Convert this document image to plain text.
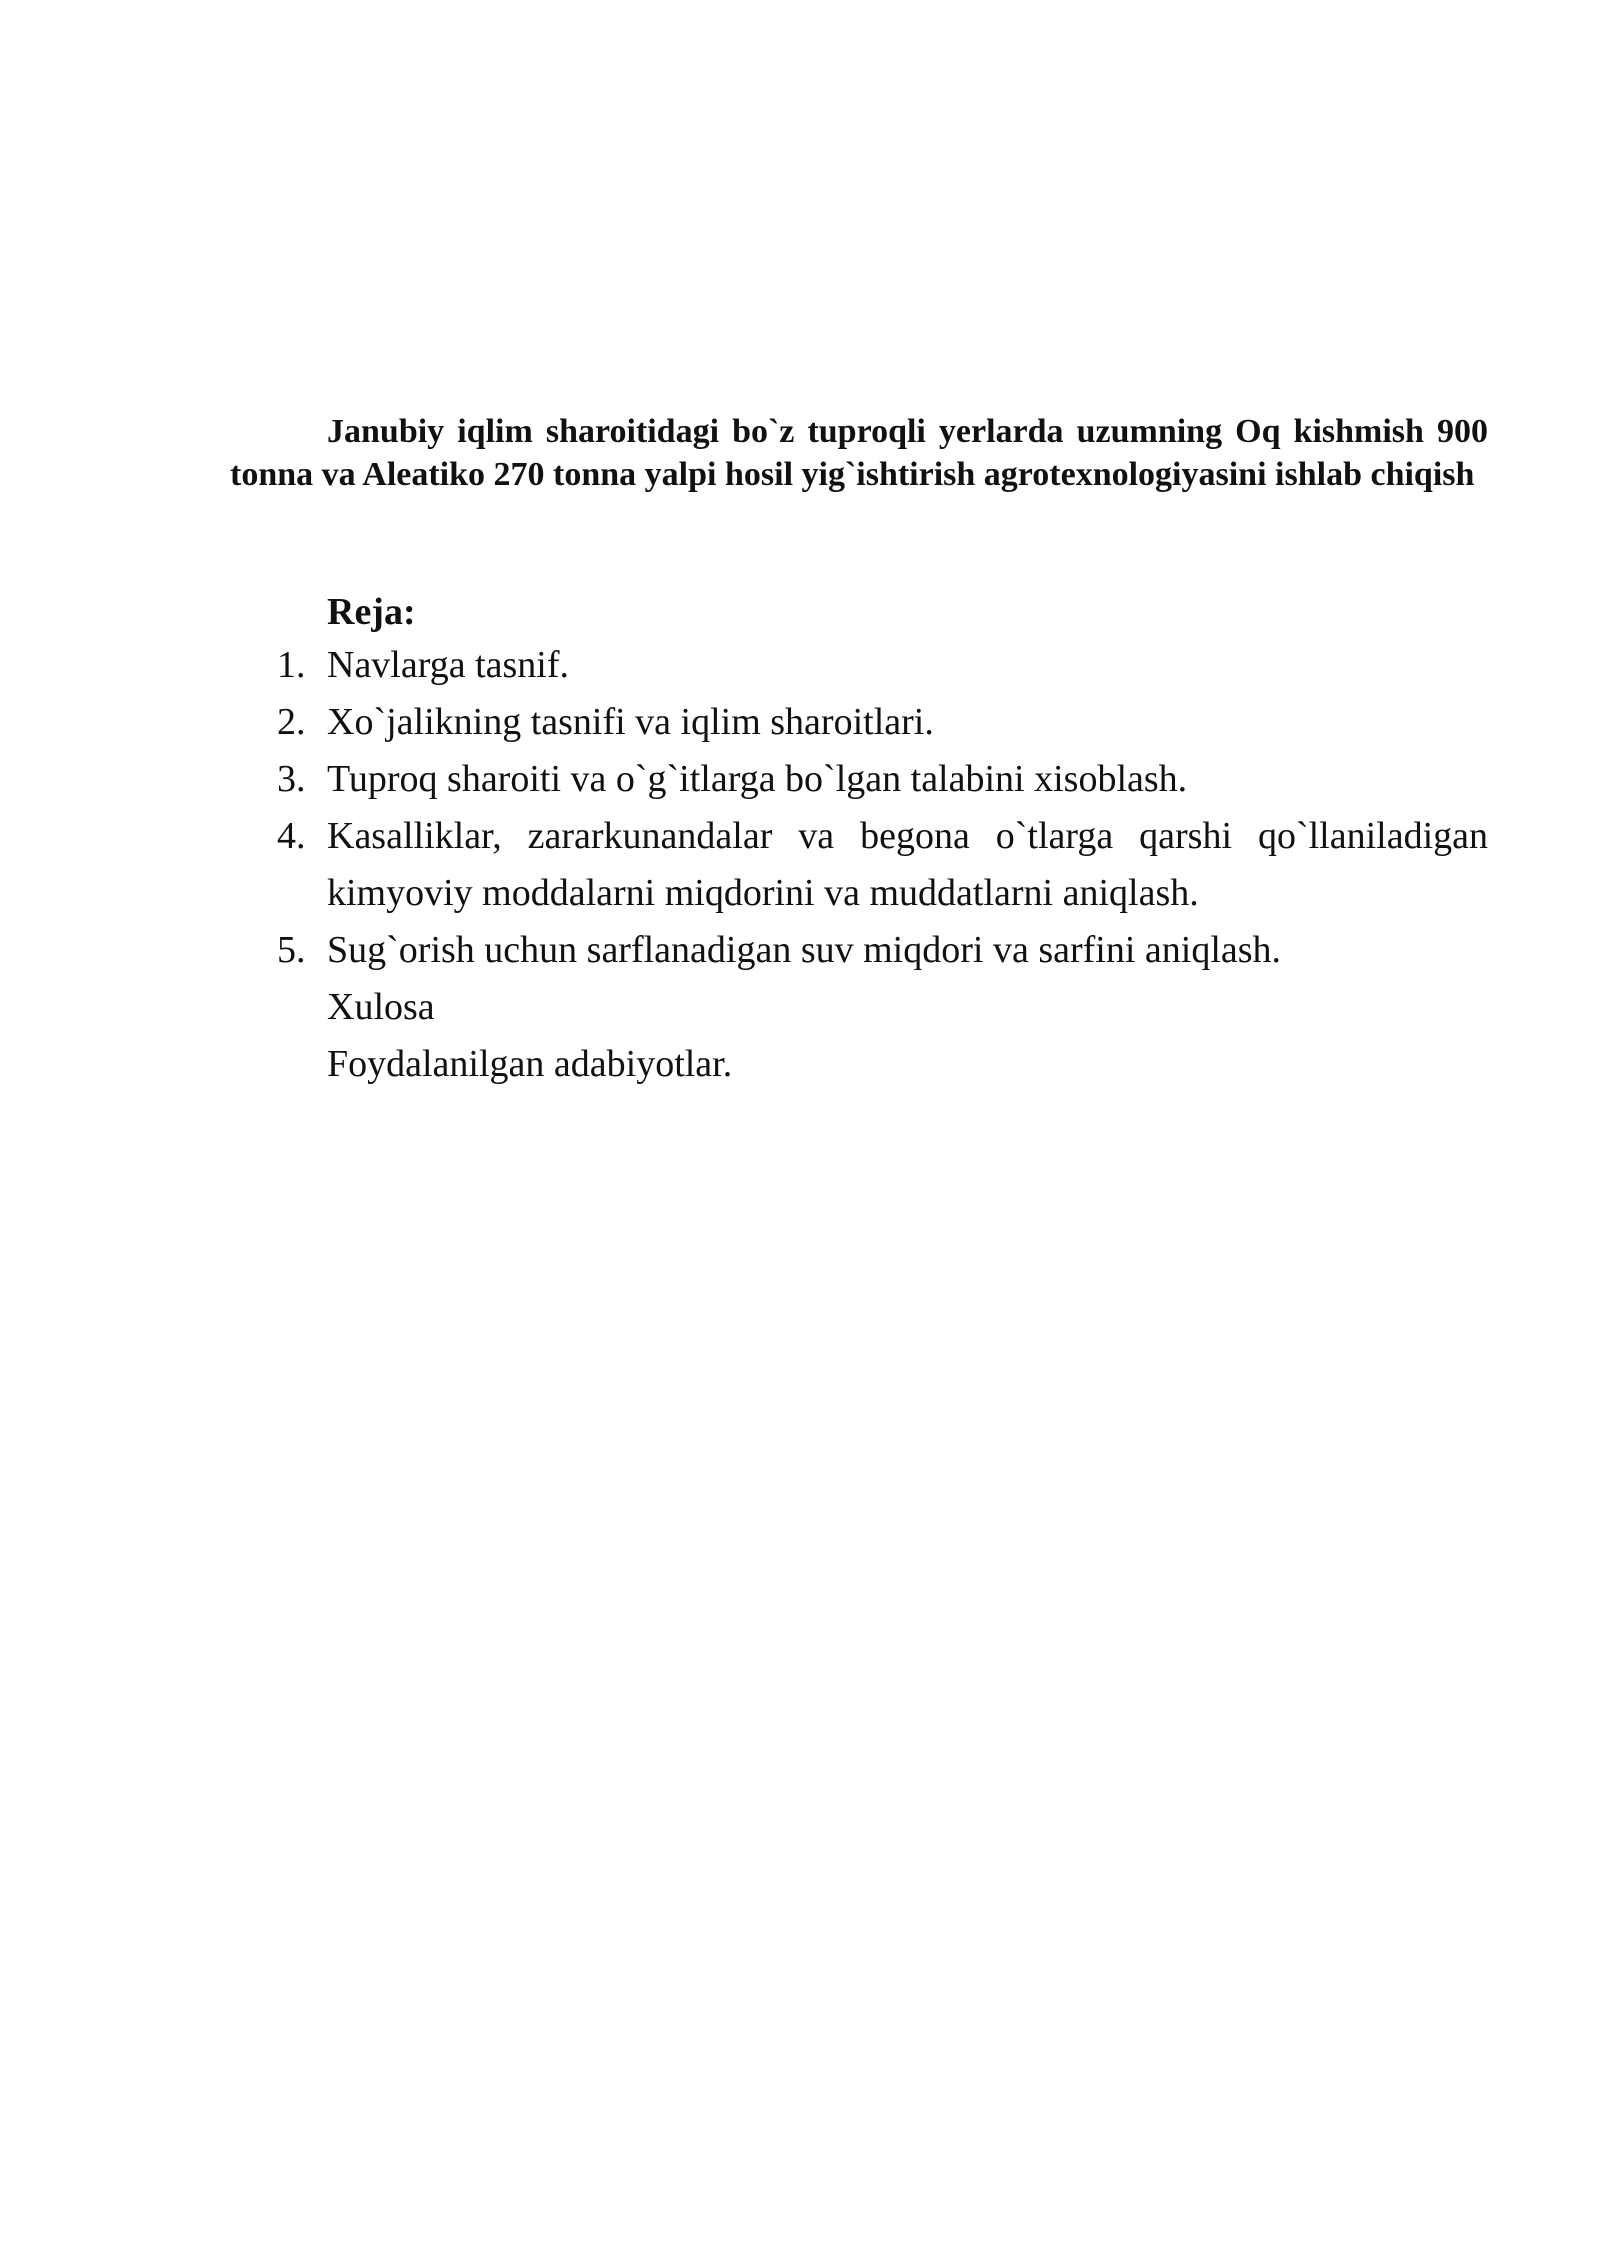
Janubiy iqlim sharoitidagi bo`z tuproqli yerlarda uzumning Oq kishmish 900 tonna va Aleatiko 270 tonna yalpi hosil yig`ishtirish agrotexnologiyasini ishlab chiqish

Reja:

1. Navlarga tasnif.
2. Xo`jalikning tasnifi va iqlim sharoitlari.
3. Tuproq sharoiti va o`g`itlarga bo`lgan talabini xisoblash.
4. Kasalliklar, zararkunandalar va begona o`tlarga qarshi qo`llaniladigan kimyoviy moddalarni miqdorini va muddatlarni aniqlash.
5. Sug`orish uchun sarflanadigan suv miqdori va sarfini aniqlash.

Xulosa

Foydalanilgan adabiyotlar.
